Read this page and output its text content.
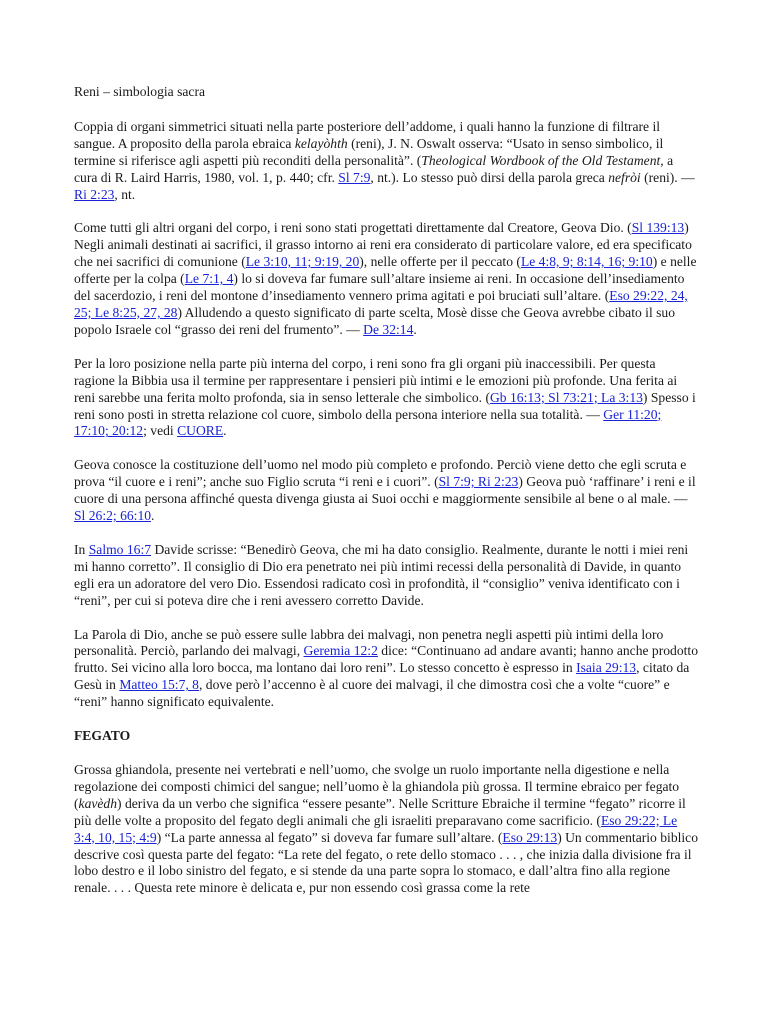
Reni – simbologia sacra

Coppia di organi simmetrici situati nella parte posteriore dell’addome, i quali hanno la funzione di filtrare il sangue. A proposito della parola ebraica kelayòhth (reni), J. N. Oswalt osserva: “Usato in senso simbolico, il termine si riferisce agli aspetti più reconditi della personalità”. (Theological Wordbook of the Old Testament, a cura di R. Laird Harris, 1980, vol. 1, p. 440; cfr. Sl 7:9, nt.). Lo stesso può dirsi della parola greca nefròi (reni). — Ri 2:23, nt.

Come tutti gli altri organi del corpo, i reni sono stati progettati direttamente dal Creatore, Geova Dio. (Sl 139:13) Negli animali destinati ai sacrifici, il grasso intorno ai reni era considerato di particolare valore, ed era specificato che nei sacrifici di comunione (Le 3:10, 11; 9:19, 20), nelle offerte per il peccato (Le 4:8, 9; 8:14, 16; 9:10) e nelle offerte per la colpa (Le 7:1, 4) lo si doveva far fumare sull’altare insieme ai reni. In occasione dell’insediamento del sacerdozio, i reni del montone d’insediamento vennero prima agitati e poi bruciati sull’altare. (Eso 29:22, 24, 25; Le 8:25, 27, 28) Alludendo a questo significato di parte scelta, Mosè disse che Geova avrebbe cibato il suo popolo Israele col “grasso dei reni del frumento”. — De 32:14.

Per la loro posizione nella parte più interna del corpo, i reni sono fra gli organi più inaccessibili. Per questa ragione la Bibbia usa il termine per rappresentare i pensieri più intimi e le emozioni più profonde. Una ferita ai reni sarebbe una ferita molto profonda, sia in senso letterale che simbolico. (Gb 16:13; Sl 73:21; La 3:13) Spesso i reni sono posti in stretta relazione col cuore, simbolo della persona interiore nella sua totalità. — Ger 11:20; 17:10; 20:12; vedi CUORE.

Geova conosce la costituzione dell’uomo nel modo più completo e profondo. Perciò viene detto che egli scruta e prova “il cuore e i reni”; anche suo Figlio scruta “i reni e i cuori”. (Sl 7:9; Ri 2:23) Geova può ‘raffinare’ i reni e il cuore di una persona affinché questa divenga giusta ai Suoi occhi e maggiormente sensibile al bene o al male. — Sl 26:2; 66:10.

In Salmo 16:7 Davide scrisse: “Benedirò Geova, che mi ha dato consiglio. Realmente, durante le notti i miei reni mi hanno corretto”. Il consiglio di Dio era penetrato nei più intimi recessi della personalità di Davide, in quanto egli era un adoratore del vero Dio. Essendosi radicato così in profondità, il “consiglio” veniva identificato con i “reni”, per cui si poteva dire che i reni avessero corretto Davide.

La Parola di Dio, anche se può essere sulle labbra dei malvagi, non penetra negli aspetti più intimi della loro personalità. Perciò, parlando dei malvagi, Geremia 12:2 dice: “Continuano ad andare avanti; hanno anche prodotto frutto. Sei vicino alla loro bocca, ma lontano dai loro reni”. Lo stesso concetto è espresso in Isaia 29:13, citato da Gesù in Matteo 15:7, 8, dove però l’accenno è al cuore dei malvagi, il che dimostra così che a volte “cuore” e “reni” hanno significato equivalente.

FEGATO

Grossa ghiandola, presente nei vertebrati e nell’uomo, che svolge un ruolo importante nella digestione e nella regolazione dei composti chimici del sangue; nell’uomo è la ghiandola più grossa. Il termine ebraico per fegato (kavèdh) deriva da un verbo che significa “essere pesante”. Nelle Scritture Ebraiche il termine “fegato” ricorre il più delle volte a proposito del fegato degli animali che gli israeliti preparavano come sacrificio. (Eso 29:22; Le 3:4, 10, 15; 4:9) “La parte annessa al fegato” si doveva far fumare sull’altare. (Eso 29:13) Un commentario biblico descrive così questa parte del fegato: “La rete del fegato, o rete dello stomaco . . . , che inizia dalla divisione fra il lobo destro e il lobo sinistro del fegato, e si stende da una parte sopra lo stomaco, e dall’altra fino alla regione renale. . . . Questa rete minore è delicata e, pur non essendo così grassa come la rete
